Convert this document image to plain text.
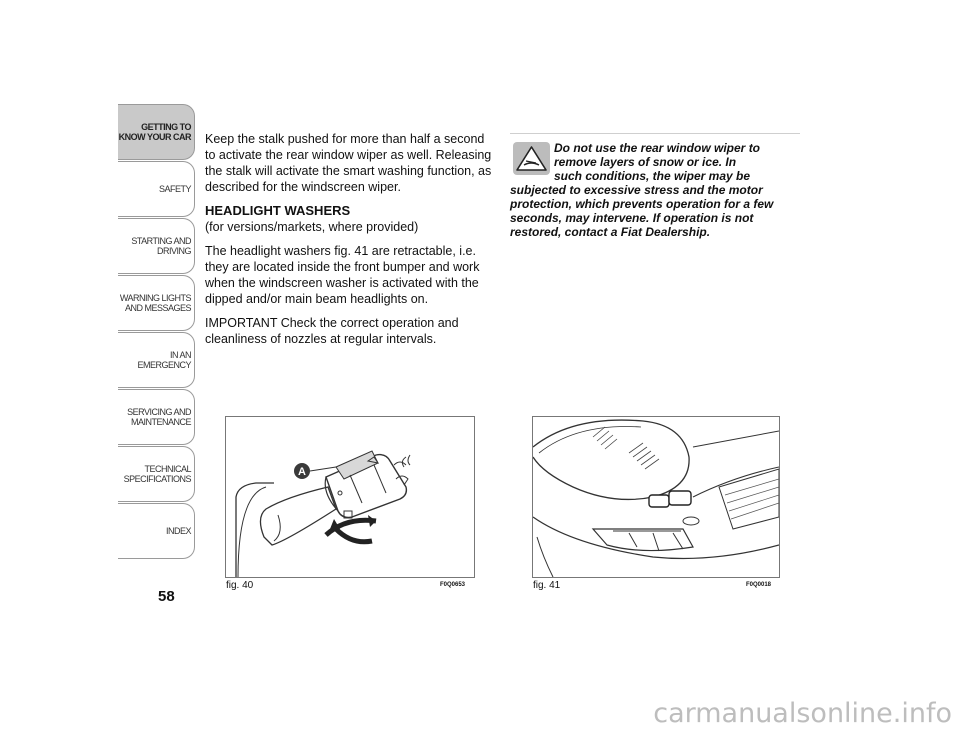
GETTING TO
KNOW YOUR CAR
SAFETY
STARTING AND
DRIVING
WARNING LIGHTS
AND MESSAGES
IN AN EMERGENCY
SERVICING AND
MAINTENANCE
TECHNICAL
SPECIFICATIONS
INDEX
58

Keep the stalk pushed for more than half a second to activate the rear window wiper as well. Releasing the stalk will activate the smart washing function, as described for the windscreen wiper.

HEADLIGHT WASHERS

(for versions/markets, where provided)

The headlight washers fig. 41 are retractable, i.e. they are located inside the front bumper and work when the windscreen washer is activated with the dipped and/or main beam headlights on.

IMPORTANT Check the correct operation and cleanliness of nozzles at regular intervals.

Do not use the rear window wiper to
remove layers of snow or ice. In
such conditions, the wiper may be
subjected to excessive stress and the motor protection, which prevents operation for a few seconds, may intervene. If operation is not restored, contact a Fiat Dealership.
A
fig. 40	F0Q0653	fig. 41	F0Q0018
carmanualsonline.info
